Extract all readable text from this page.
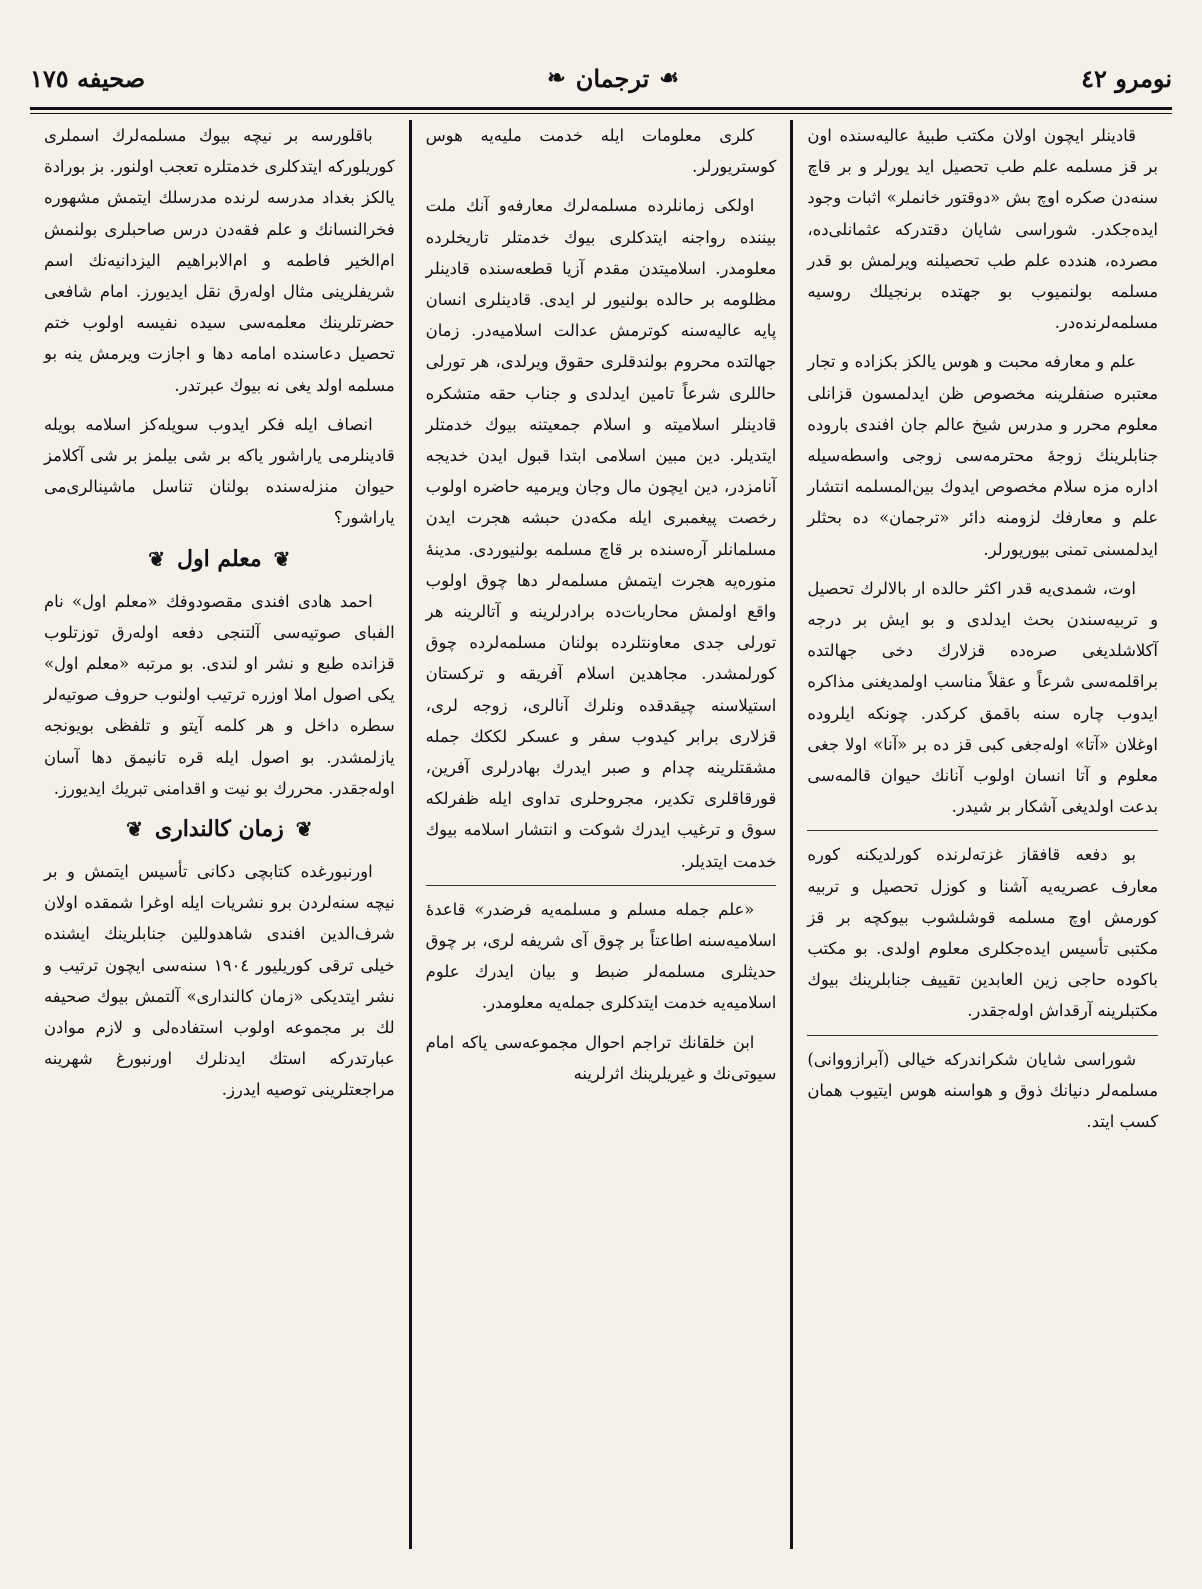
نومرو ٤٢
☙
ترجمان
❧
صحيفه ١٧٥

قادينلر ايچون اولان مكتب طبيهٔ عاليه‌سنده اون بر قز مسلمه علم طب تحصيل ايد يورلر و بر قاچ سنه‌دن صكره اوچ بش «دوقتور خانملر» اثبات وجود ايده‌جكدر. شوراسى شايان دقتدركه عثمانلى‌ده، مصرده، هندده علم طب تحصيلنه ويرلمش بو قدر مسلمه بولنميوب بو جهتده برنجيلك روسيه مسلمه‌لرنده‌در.

علم و معارفه محبت و هوس يالكز بكزاده و تجار معتبره صنفلرينه مخصوص ظن ايدلمسون قزانلى معلوم محرر و مدرس شيخ عالم جان افندى باروده جنابلرينك زوجهٔ محترمه‌سى زوجى واسطه‌سيله اداره مزه سلام مخصوص ايدوك بين‌المسلمه انتشار علم و معارفك لزومنه دائر «ترجمان» ده بحثلر ايدلمسنى تمنى بيوريورلر.

اوت، شمدى‌يه قدر اكثر حالده ار بالالرك تحصيل و تربيه‌سندن بحث ايدلدى و بو ايش بر درجه آكلاشلديغى صره‌ده قزلارك دخى جهالتده براقلمه‌سى شرعاً و عقلاً مناسب اولمديغنى مذاكره ايدوب چاره سنه باقمق كركدر. چونكه ايلروده اوغلان «آتا» اوله‌جغى كبى قز ده بر «آنا» اولا جغى معلوم و آتا انسان اولوب آنانك حيوان قالمه‌سى بدعت اولديغى آشكار بر شيدر.

بو دفعه قافقاز غزته‌لرنده كورلديكنه كوره معارف عصريه‌يه آشنا و كوزل تحصيل و تربيه كورمش اوچ مسلمه قوشلشوب بيوكچه بر قز مكتبى تأسيس ايده‌جكلرى معلوم اولدى. بو مكتب باكوده حاجى زين العابدين تقييف جنابلرينك بيوك مكتبلرينه آرقداش اوله‌جقدر.

شوراسى شايان شكراندركه خيالى (آبرازووانى) مسلمه‌لر دنيانك ذوق و هواسنه هوس ايتيوب همان كسب ايتد.

كلرى معلومات ايله خدمت مليه‌يه هوس كوستريورلر.

اولكى زمانلرده مسلمه‌لرك معارفه‌و آنك ملت بيننده رواجنه ايتدكلرى بيوك خدمتلر تاريخلرده معلومدر. اسلاميتدن مقدم آزيا قطعه‌سنده قادينلر مظلومه بر حالده بولنيور لر ايدى. قادينلرى انسان پايه عاليه‌سنه كوترمش عدالت اسلاميه‌در. زمان جهالتده محروم بولندقلرى حقوق ويرلدى، هر تورلى حاللرى شرعاً تامين ايدلدى و جناب حقه متشكره قادينلر اسلاميته و اسلام جمعيتنه بيوك خدمتلر ايتديلر. دين مبين اسلامى ابتدا قبول ايدن خديجه آنامزدر، دين ايچون مال وجان ويرميه حاضره اولوب رخصت پيغمبرى ايله مكه‌دن حبشه هجرت ايدن مسلمانلر آره‌سنده بر قاچ مسلمه بولنيوردى. مدينهٔ منوره‌يه هجرت ايتمش مسلمه‌لر دها چوق اولوب واقع اولمش محاربات‌ده برادرلرينه و آتالرينه هر تورلى جدى معاونتلرده بولنان مسلمه‌لرده چوق كورلمشدر. مجاهدين اسلام آفريقه و تركستان استيلاسنه چيقدقده ونلرك آنالرى، زوجه لرى، قزلارى برابر كيدوب سفر و عسكر لككك جمله مشقتلرينه چدام و صبر ايدرك بهادرلرى آفرين، قورقاقلرى تكدير، مجروحلرى تداوى ايله ظفرلكه سوق و ترغيب ايدرك شوكت و انتشار اسلامه بيوك خدمت ايتديلر.

«علم جمله مسلم و مسلمه‌يه فرضدر» قاعدهٔ اسلاميه‌سنه اطاعتاً بر چوق آى شريفه لرى، بر چوق حديثلرى مسلمه‌لر ضبط و بيان ايدرك علوم اسلاميه‌يه خدمت ايتدكلرى جمله‌يه معلومدر.

ابن خلقانك تراجم احوال مجموعه‌سى ياكه امام سيوتى‌نك و غيريلرينك اثرلرينه

باقلورسه بر نيچه بيوك مسلمه‌لرك اسملرى كوريلوركه ايتدكلرى خدمتلره تعجب اولنور. بز بورادة يالكز بغداد مدرسه لرنده مدرسلك ايتمش مشهوره فخرالنسانك و علم فقه‌دن درس صاحبلرى بولنمش ام‌الخير فاطمه و ام‌الابراهيم اليزدانيه‌نك اسم شريفلرينى مثال اوله‌رق نقل ايديورز. امام شافعى حضرتلرينك معلمه‌سى سيده نفيسه اولوب ختم تحصيل دعاسنده امامه دها و اجازت ويرمش ينه بو مسلمه اولد يغى نه بيوك عبرتدر.

انصاف ايله فكر ايدوب سويله‌كز اسلامه بويله قادينلرمى ياراشور ياكه بر شى بيلمز بر شى آكلامز حيوان منزله‌سنده بولنان تناسل ماشينالرى‌مى ياراشور؟

❦
معلم اول
❦

احمد هادى افندى مقصودوفك «معلم اول» نام الفباى صوتيه‌سى آلتنجى دفعه اوله‌رق توزتلوب قزانده طبع و نشر او لندى. بو مرتبه «معلم اول» يكى اصول املا اوزره ترتيب اولنوب حروف صوتيه‌لر سطره داخل و هر كلمه آيتو و تلفظى بويونجه يازلمشدر. بو اصول ايله قره تانيمق دها آسان اوله‌جقدر. محررك بو نيت و اقدامنى تبريك ايديورز.

❦
زمان كالندارى
❦

اورنبورغده كتابچى دكانى تأسيس ايتمش و بر نيچه سنه‌لردن برو نشريات ايله اوغرا شمقده اولان شرف‌الدين افندى شاهدوللين جنابلرينك ايشنده خيلى ترقى كوريليور ١٩٠٤ سنه‌سى ايچون ترتيب و نشر ايتديكى «زمان كالندارى» آلتمش بيوك صحيفه لك بر مجموعه اولوب استفاده‌لى و لازم موادن عبارتدركه استك ايدنلرك اورنبورغ شهرينه مراجعتلرينى توصيه ايدرز.
